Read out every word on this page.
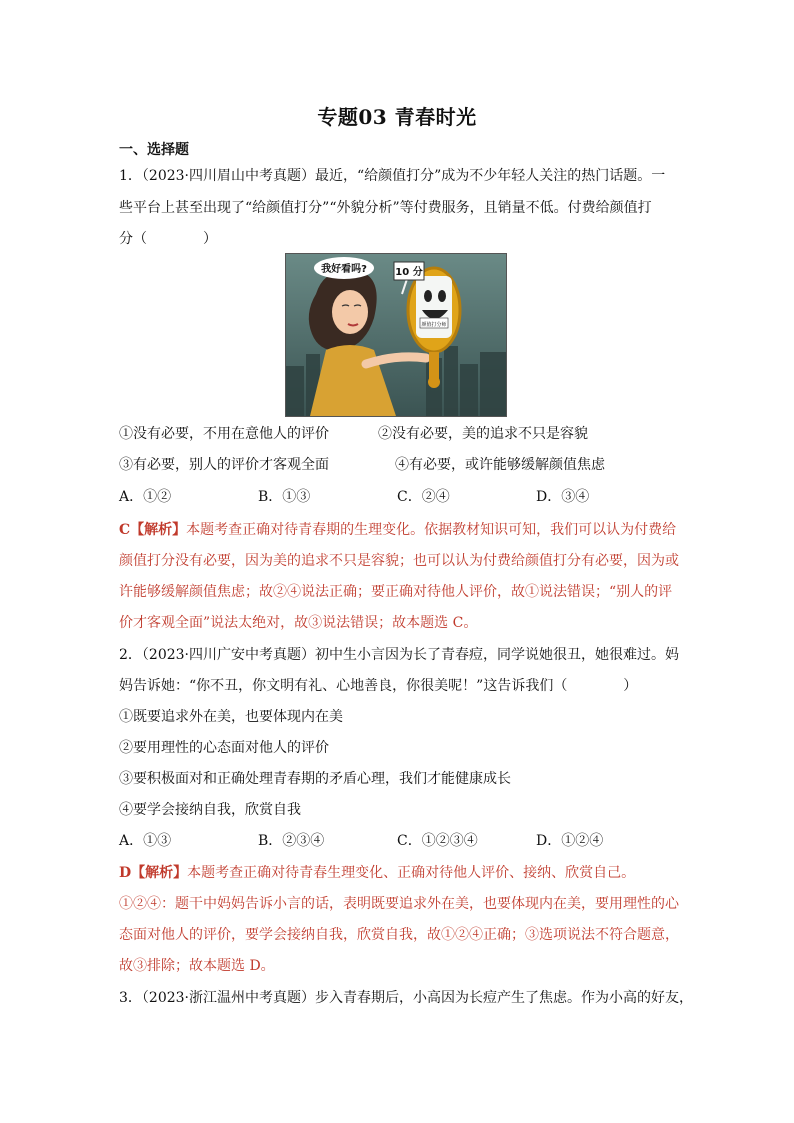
专题03 青春时光
一、选择题
1．（2023·四川眉山中考真题）最近，“给颜值打分”成为不少年轻人关注的热门话题。一
些平台上甚至出现了“给颜值打分”“外貌分析”等付费服务，且销量不低。付费给颜值打
分（　　　　）
我好看吗?
颜值打分师
10 分
①没有必要，不用在意他人的评价	②没有必要，美的追求不只是容貌
③有必要，别人的评价才客观全面	④有必要，或许能够缓解颜值焦虑
A．①②	B．①③	C．②④	D．③④
C【解析】本题考查正确对待青春期的生理变化。依据教材知识可知，我们可以认为付费给
颜值打分没有必要，因为美的追求不只是容貌；也可以认为付费给颜值打分有必要，因为或
许能够缓解颜值焦虑；故②④说法正确；要正确对待他人评价，故①说法错误；“别人的评
价才客观全面”说法太绝对，故③说法错误；故本题选 C。
2．（2023·四川广安中考真题）初中生小言因为长了青春痘，同学说她很丑，她很难过。妈
妈告诉她：“你不丑，你文明有礼、心地善良，你很美呢！”这告诉我们（　　　　）
①既要追求外在美，也要体现内在美
②要用理性的心态面对他人的评价
③要积极面对和正确处理青春期的矛盾心理，我们才能健康成长
④要学会接纳自我，欣赏自我
A．①③	B．②③④	C．①②③④	D．①②④
D【解析】本题考查正确对待青春生理变化、正确对待他人评价、接纳、欣赏自己。
①②④：题干中妈妈告诉小言的话，表明既要追求外在美，也要体现内在美，要用理性的心
态面对他人的评价，要学会接纳自我，欣赏自我，故①②④正确；③选项说法不符合题意，
故③排除；故本题选 D。
3．（2023·浙江温州中考真题）步入青春期后，小高因为长痘产生了焦虑。作为小高的好友，
